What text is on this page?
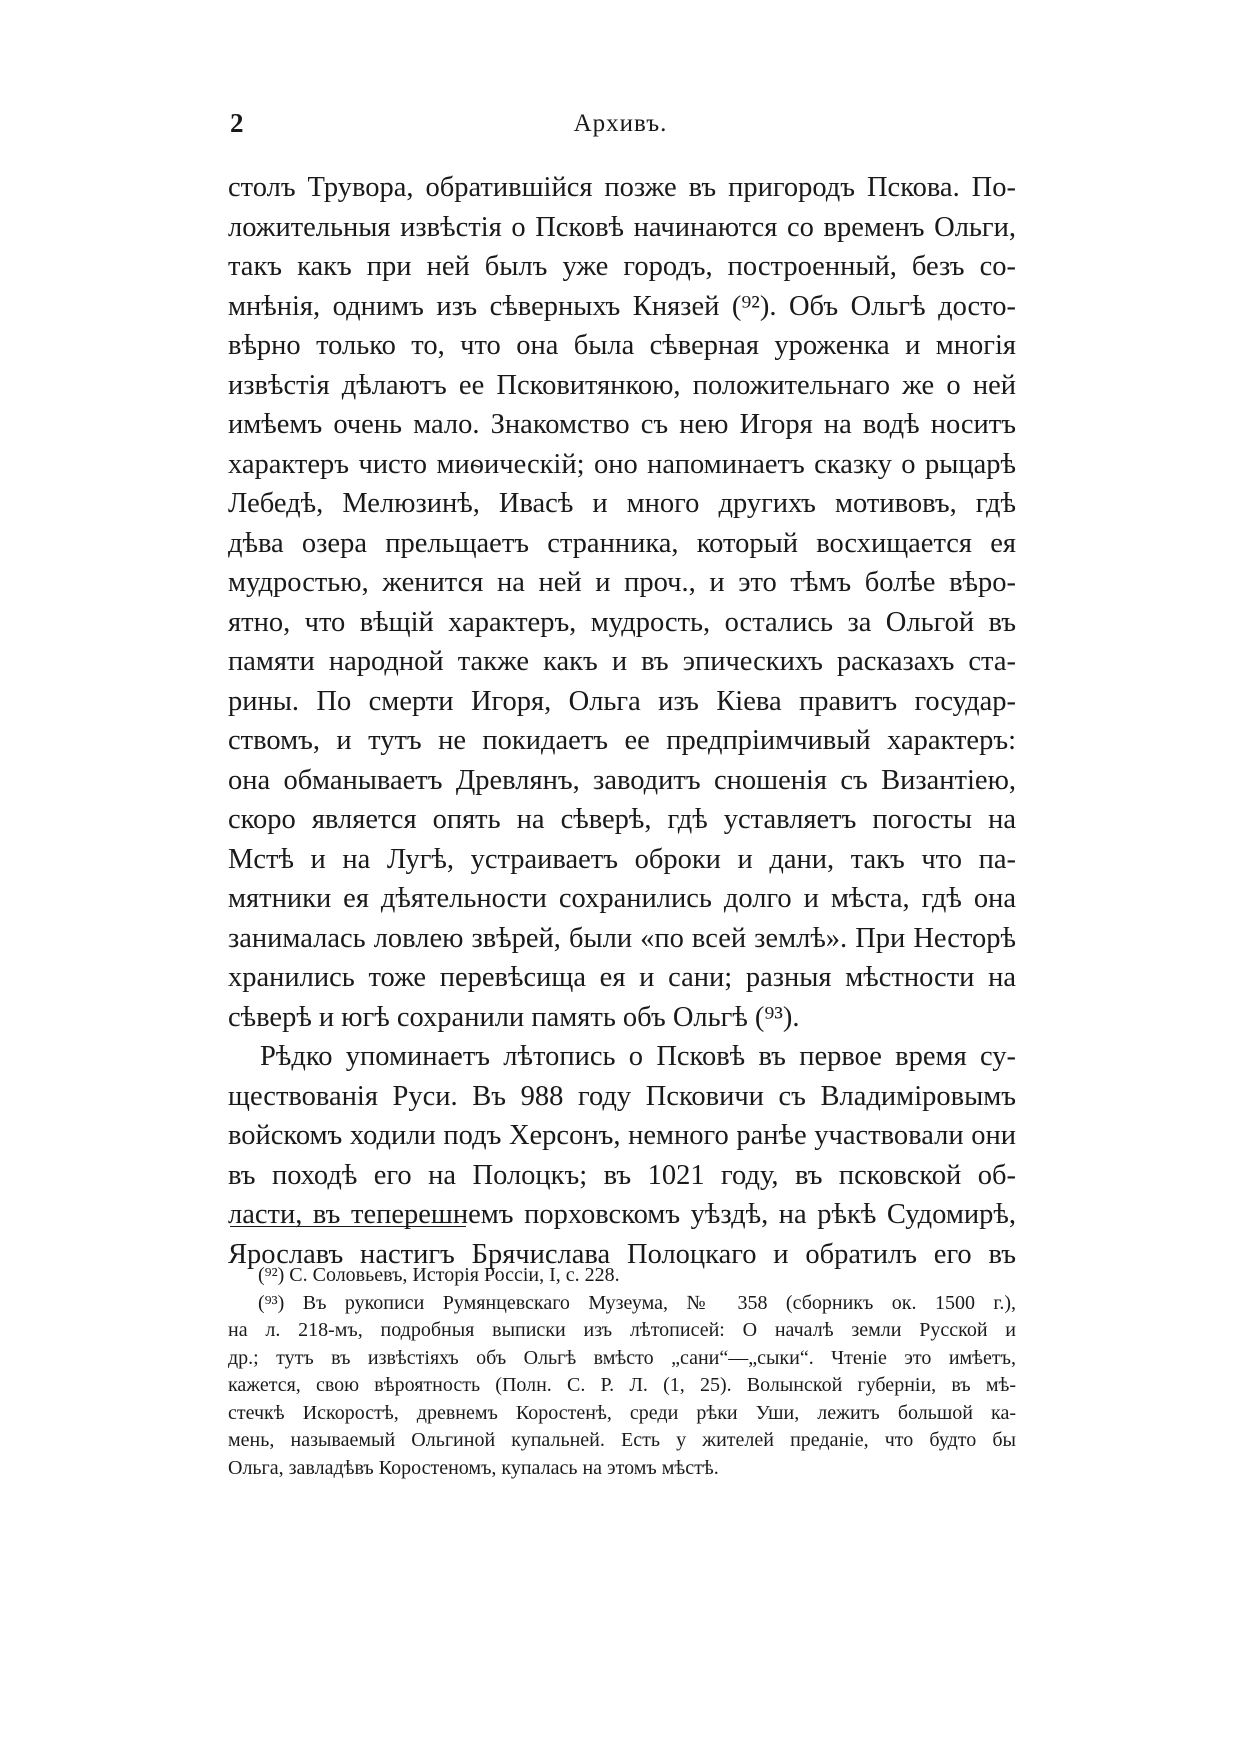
2	Архивъ.
столъ Трувора, обратившійся позже въ пригородъ Пскова. По-
ложительныя извѣстія о Псковѣ начинаются со временъ Ольги,
такъ какъ при ней былъ уже городъ, построенный, безъ со-
мнѣнія, однимъ изъ сѣверныхъ Князей (⁹²). Объ Ольгѣ досто-
вѣрно только то, что она была сѣверная уроженка и многія
извѣстія дѣлаютъ ее Псковитянкою, положительнаго же о ней
имѣемъ очень мало. Знакомство съ нею Игоря на водѣ носитъ
характеръ чисто миѳическій; оно напоминаетъ сказку о рыцарѣ
Лебедѣ, Мелюзинѣ, Ивасѣ и много другихъ мотивовъ, гдѣ
дѣва озера прельщаетъ странника, который восхищается ея
мудростью, женится на ней и проч., и это тѣмъ болѣе вѣро-
ятно, что вѣщій характеръ, мудрость, остались за Ольгой въ
памяти народной также какъ и въ эпическихъ расказахъ ста-
рины. По смерти Игоря, Ольга изъ Кіева правитъ государ-
ствомъ, и тутъ не покидаетъ ее предпріимчивый характеръ:
она обманываетъ Древлянъ, заводитъ сношенія съ Византіею,
скоро является опять на сѣверѣ, гдѣ уставляетъ погосты на
Мстѣ и на Лугѣ, устраиваетъ оброки и дани, такъ что па-
мятники ея дѣятельности сохранились долго и мѣста, гдѣ она
занималась ловлею звѣрей, были «по всей землѣ». При Несторѣ
хранились тоже перевѣсища ея и сани; разныя мѣстности на
сѣверѣ и югѣ сохранили память объ Ольгѣ (⁹³).
Рѣдко упоминаетъ лѣтопись о Псковѣ въ первое время су-
ществованія Руси. Въ 988 году Псковичи съ Владиміровымъ
войскомъ ходили подъ Херсонъ, немного ранѣе участвовали они
въ походѣ его на Полоцкъ; въ 1021 году, въ псковской об-
ласти, въ теперешнемъ порховскомъ уѣздѣ, на рѣкѣ Судомирѣ,
Ярославъ настигъ Брячислава Полоцкаго и обратилъ его въ
(⁹²) С. Соловьевъ, Исторія Россіи, I, с. 228.
(⁹³) Въ рукописи Румянцевскаго Музеума, № 358 (сборникъ ок. 1500 г.),
на л. 218-мъ, подробныя выписки изъ лѣтописей: О началѣ земли Русской и
др.; тутъ въ извѣстіяхъ объ Ольгѣ вмѣсто „сани“—„сыки“. Чтеніе это имѣетъ,
кажется, свою вѣроятность (Полн. С. Р. Л. (1, 25). Волынской губерніи, въ мѣ-
стечкѣ Искоростѣ, древнемъ Коростенѣ, среди рѣки Уши, лежитъ большой ка-
мень, называемый Ольгиной купальней. Есть у жителей преданіе, что будто бы
Ольга, завладѣвъ Коростеномъ, купалась на этомъ мѣстѣ.
